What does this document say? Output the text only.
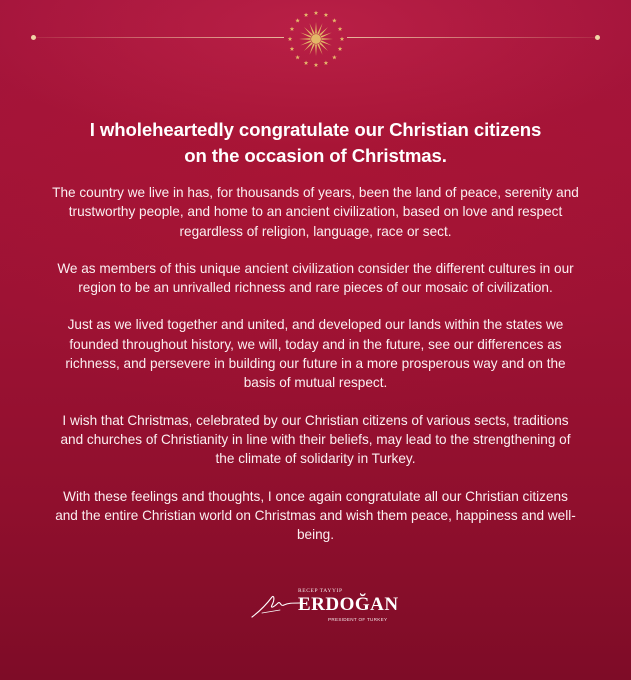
I wholeheartedly congratulate our Christian citizens
on the occasion of Christmas.

The country we live in has, for thousands of years, been the land of peace, serenity and trustworthy people, and home to an ancient civilization, based on love and respect regardless of religion, language, race or sect.

We as members of this unique ancient civilization consider the different cultures in our region to be an unrivalled richness and rare pieces of our mosaic of civilization.

Just as we lived together and united, and developed our lands within the states we founded throughout history, we will, today and in the future, see our differences as richness, and persevere in building our future in a more prosperous way and on the basis of mutual respect.

I wish that Christmas, celebrated by our Christian citizens of various sects, traditions and churches of Christianity in line with their beliefs, may lead to the strengthening of the climate of solidarity in Turkey.

With these feelings and thoughts, I once again congratulate all our Christian citizens and the entire Christian world on Christmas and wish them peace, happiness and well-being.

RECEP TAYYIP
ERDOĞAN
PRESIDENT OF TURKEY
